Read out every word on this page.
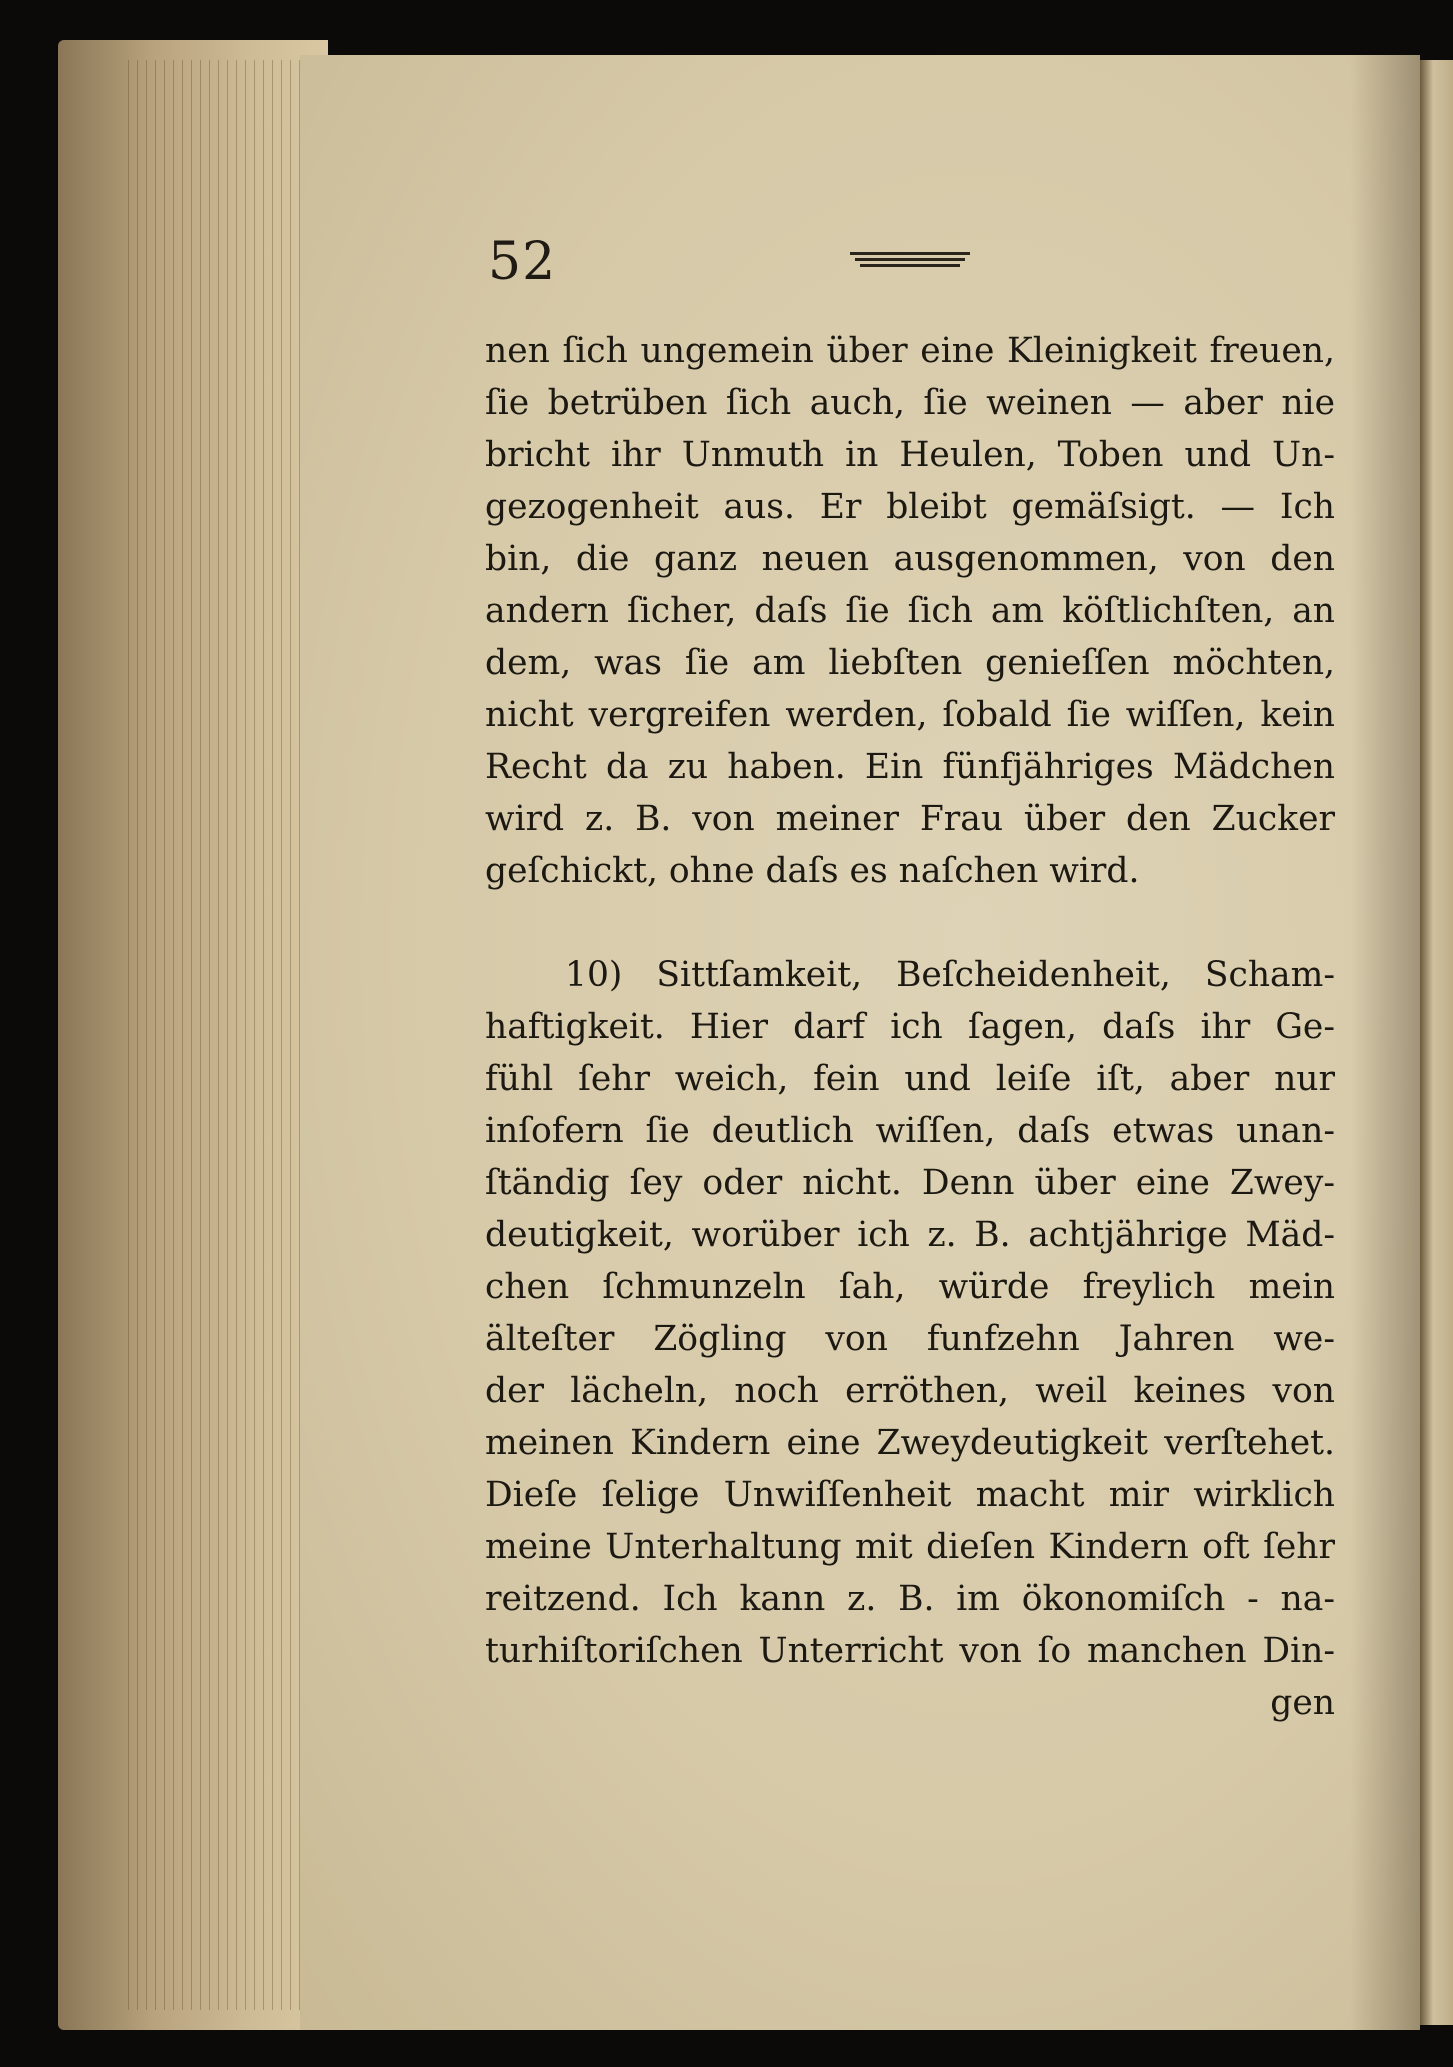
52
nen ſich ungemein über eine Kleinigkeit freuen,
ſie betrüben ſich auch, ſie weinen — aber nie
bricht ihr Unmuth in Heulen, Toben und Un-
gezogenheit aus. Er bleibt gemäſsigt. — Ich
bin, die ganz neuen ausgenommen, von den
andern ſicher, daſs ſie ſich am köſtlichſten, an
dem, was ſie am liebſten genieſſen möchten,
nicht vergreifen werden, ſobald ſie wiſſen, kein
Recht da zu haben. Ein fünfjähriges Mädchen
wird z. B. von meiner Frau über den Zucker
geſchickt, ohne daſs es naſchen wird.
10) Sittſamkeit, Beſcheidenheit, Scham-
haftigkeit. Hier darf ich ſagen, daſs ihr Ge-
fühl ſehr weich, fein und leiſe iſt, aber nur
inſofern ſie deutlich wiſſen, daſs etwas unan-
ſtändig ſey oder nicht. Denn über eine Zwey-
deutigkeit, worüber ich z. B. achtjährige Mäd-
chen ſchmunzeln ſah, würde freylich mein
älteſter Zögling von funfzehn Jahren we-
der lächeln, noch erröthen, weil keines von
meinen Kindern eine Zweydeutigkeit verſtehet.
Dieſe ſelige Unwiſſenheit macht mir wirklich
meine Unterhaltung mit dieſen Kindern oft ſehr
reitzend. Ich kann z. B. im ökonomiſch - na-
turhiſtoriſchen Unterricht von ſo manchen Din-
gen
